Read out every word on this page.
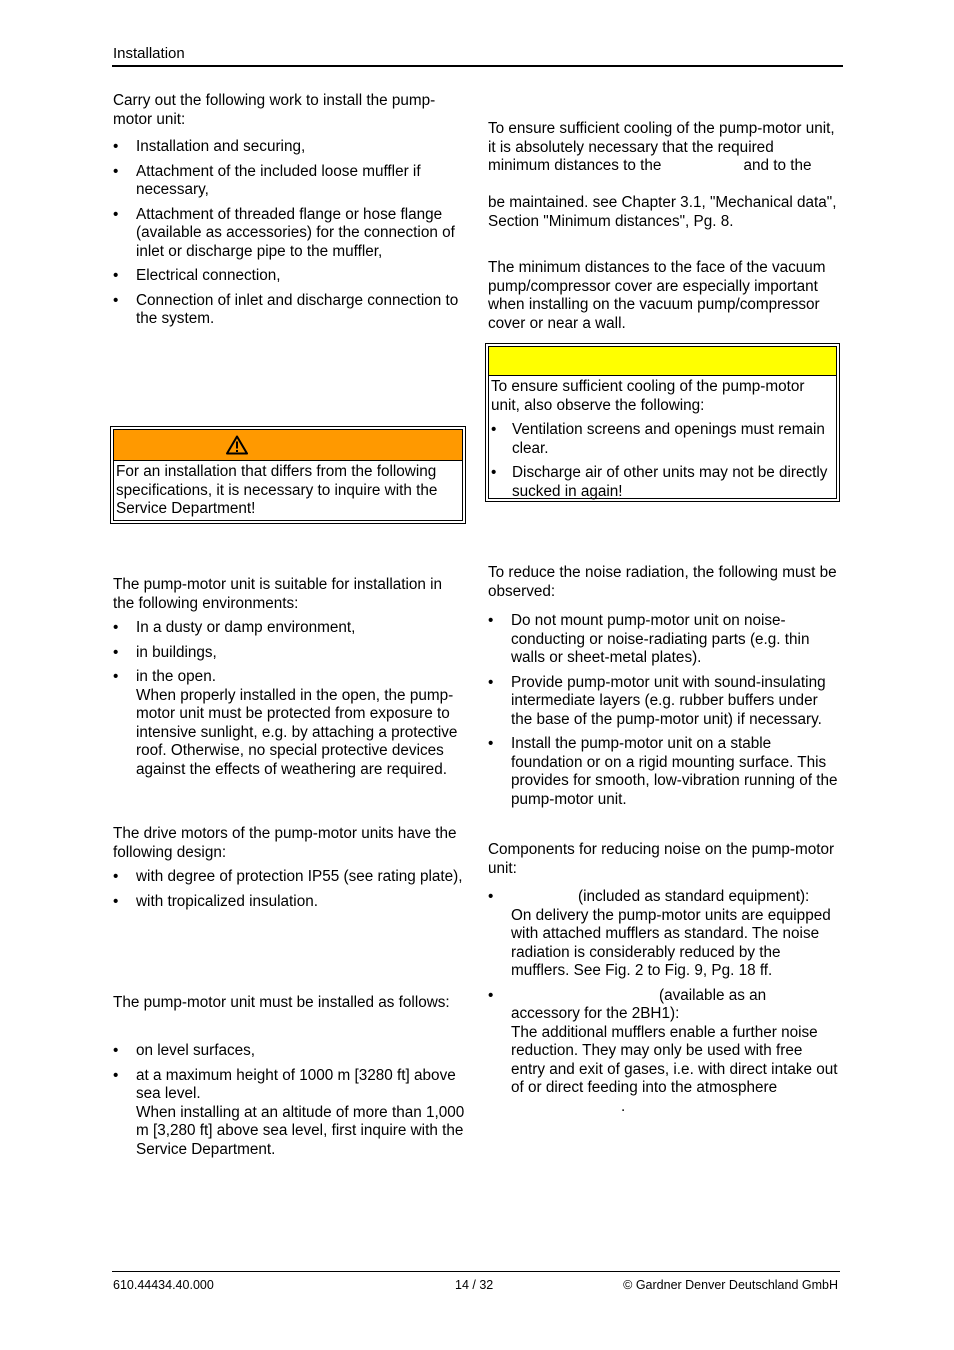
Installation

Carry out the following work to install the pump-motor unit:

• Installation and securing,
• Attachment of the included loose muffler if necessary,
• Attachment of threaded flange or hose flange (available as accessories) for the connection of inlet or discharge pipe to the muffler,
• Electrical connection,
• Connection of inlet and discharge connection to the system.

For an installation that differs from the following specifications, it is necessary to inquire with the Service Department!

The pump-motor unit is suitable for installation in the following environments:

• In a dusty or damp environment,
• in buildings,
• in the open.
When properly installed in the open, the pump-motor unit must be protected from exposure to intensive sunlight, e.g. by attaching a protective roof. Otherwise, no special protective devices against the effects of weathering are required.

The drive motors of the pump-motor units have the following design:

• with degree of protection IP55 (see rating plate),
• with tropicalized insulation.

The pump-motor unit must be installed as follows:

• on level surfaces,
• at a maximum height of 1000 m [3280 ft] above sea level.
When installing at an altitude of more than 1,000 m [3,280 ft] above sea level, first inquire with the Service Department.
To ensure sufficient cooling of the pump-motor unit, it is absolutely necessary that the required minimum distances to the	and to the

be maintained. see Chapter 3.1, "Mechanical data", Section "Minimum distances", Pg. 8.

The minimum distances to the face of the vacuum pump/compressor cover are especially important when installing on the vacuum pump/compressor cover or near a wall.

To ensure sufficient cooling of the pump-motor unit, also observe the following:

• Ventilation screens and openings must remain clear.
• Discharge air of other units may not be directly sucked in again!

To reduce the noise radiation, the following must be observed:

• Do not mount pump-motor unit on noise-conducting or noise-radiating parts (e.g. thin walls or sheet-metal plates).
• Provide pump-motor unit with sound-insulating intermediate layers (e.g. rubber buffers under the base of the pump-motor unit) if necessary.
• Install the pump-motor unit on a stable foundation or on a rigid mounting surface. This provides for smooth, low-vibration running of the pump-motor unit.

Components for reducing noise on the pump-motor unit:

• (included as standard equipment):
On delivery the pump-motor units are equipped with attached mufflers as standard. The noise radiation is considerably reduced by the mufflers. See Fig. 2 to Fig. 9, Pg. 18 ff.
• (available as an
accessory for the 2BH1):
The additional mufflers enable a further noise reduction. They may only be used with free entry and exit of gases, i.e. with direct intake out of or direct feeding into the atmosphere
.
610.44434.40.000	14 / 32	© Gardner Denver Deutschland GmbH
